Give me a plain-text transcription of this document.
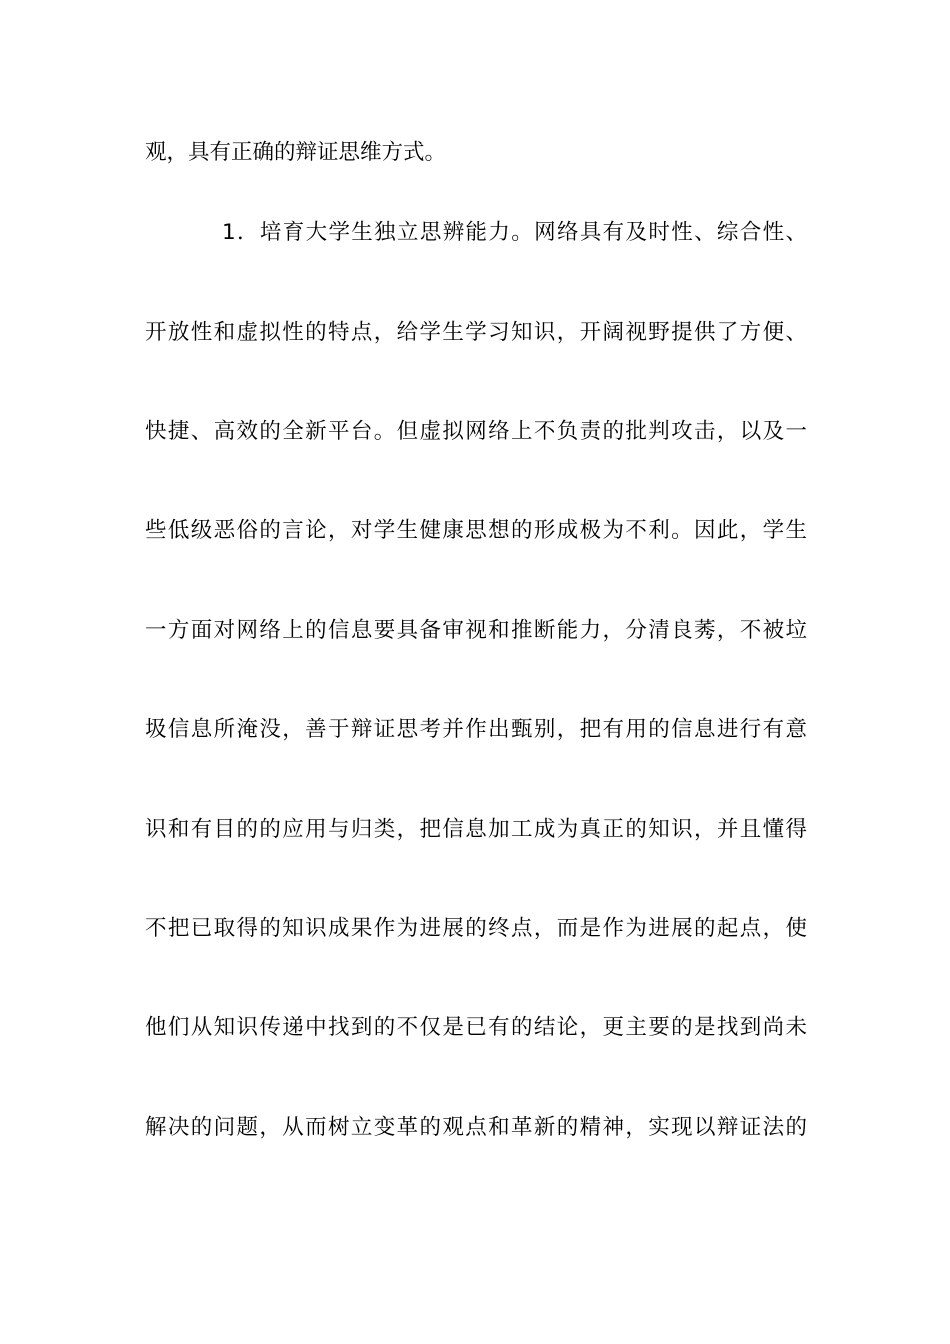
观，具有正确的辩证思维方式。
1．培育大学生独立思辨能力。网络具有及时性、综合性、
开放性和虚拟性的特点，给学生学习知识，开阔视野提供了方便、
快捷、高效的全新平台。但虚拟网络上不负责的批判攻击，以及一
些低级恶俗的言论，对学生健康思想的形成极为不利。因此，学生
一方面对网络上的信息要具备审视和推断能力，分清良莠，不被垃
圾信息所淹没，善于辩证思考并作出甄别，把有用的信息进行有意
识和有目的的应用与归类，把信息加工成为真正的知识，并且懂得
不把已取得的知识成果作为进展的终点，而是作为进展的起点，使
他们从知识传递中找到的不仅是已有的结论，更主要的是找到尚未
解决的问题，从而树立变革的观点和革新的精神，实现以辩证法的
